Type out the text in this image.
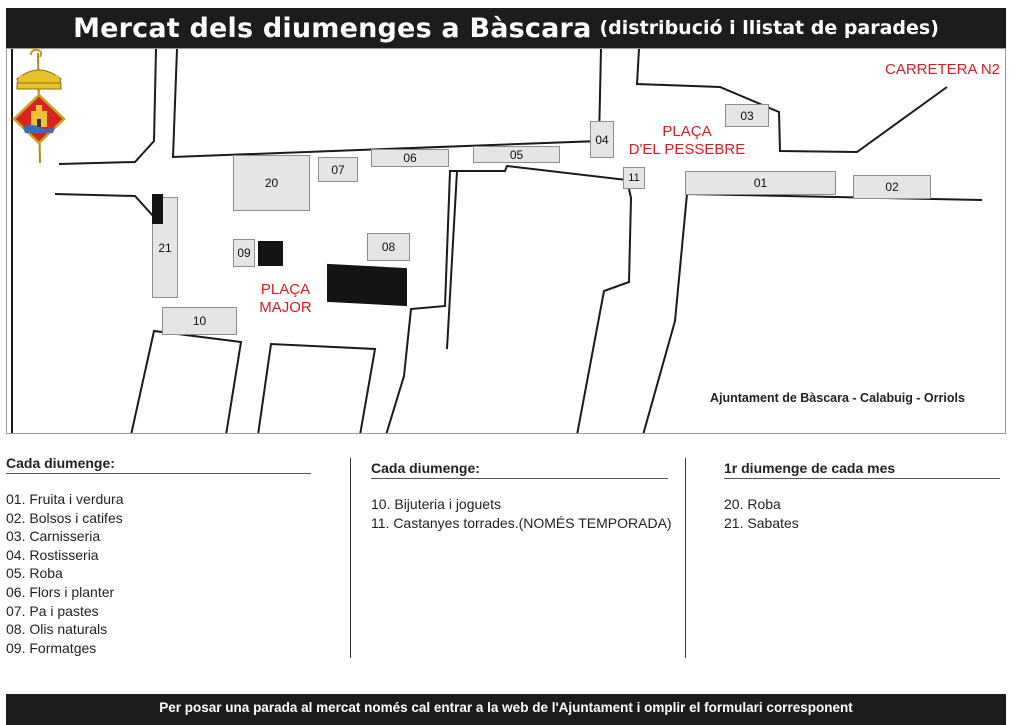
Mercat dels diumenges a Bàscara (distribució i llistat de parades)
01	02
03
04
05
06
07
08
09
10
11
20
21
CARRETERA N2
PLAÇA
D'EL PESSEBRE
PLAÇA
MAJOR
Ajuntament de Bàscara - Calabuig - Orriols
Cada diumenge:
01. Fruita i verdura
02. Bolsos i catifes
03. Carnisseria
04. Rostisseria
05. Roba
06. Flors i planter
07. Pa i pastes
08. Olis naturals
09. Formatges
Cada diumenge:
10. Bijuteria i joguets
11. Castanyes torrades.(NOMÉS TEMPORADA)
1r diumenge de cada mes
20. Roba
21. Sabates
Per posar una parada al mercat només cal entrar a la web de l'Ajuntament i omplir el formulari corresponent
